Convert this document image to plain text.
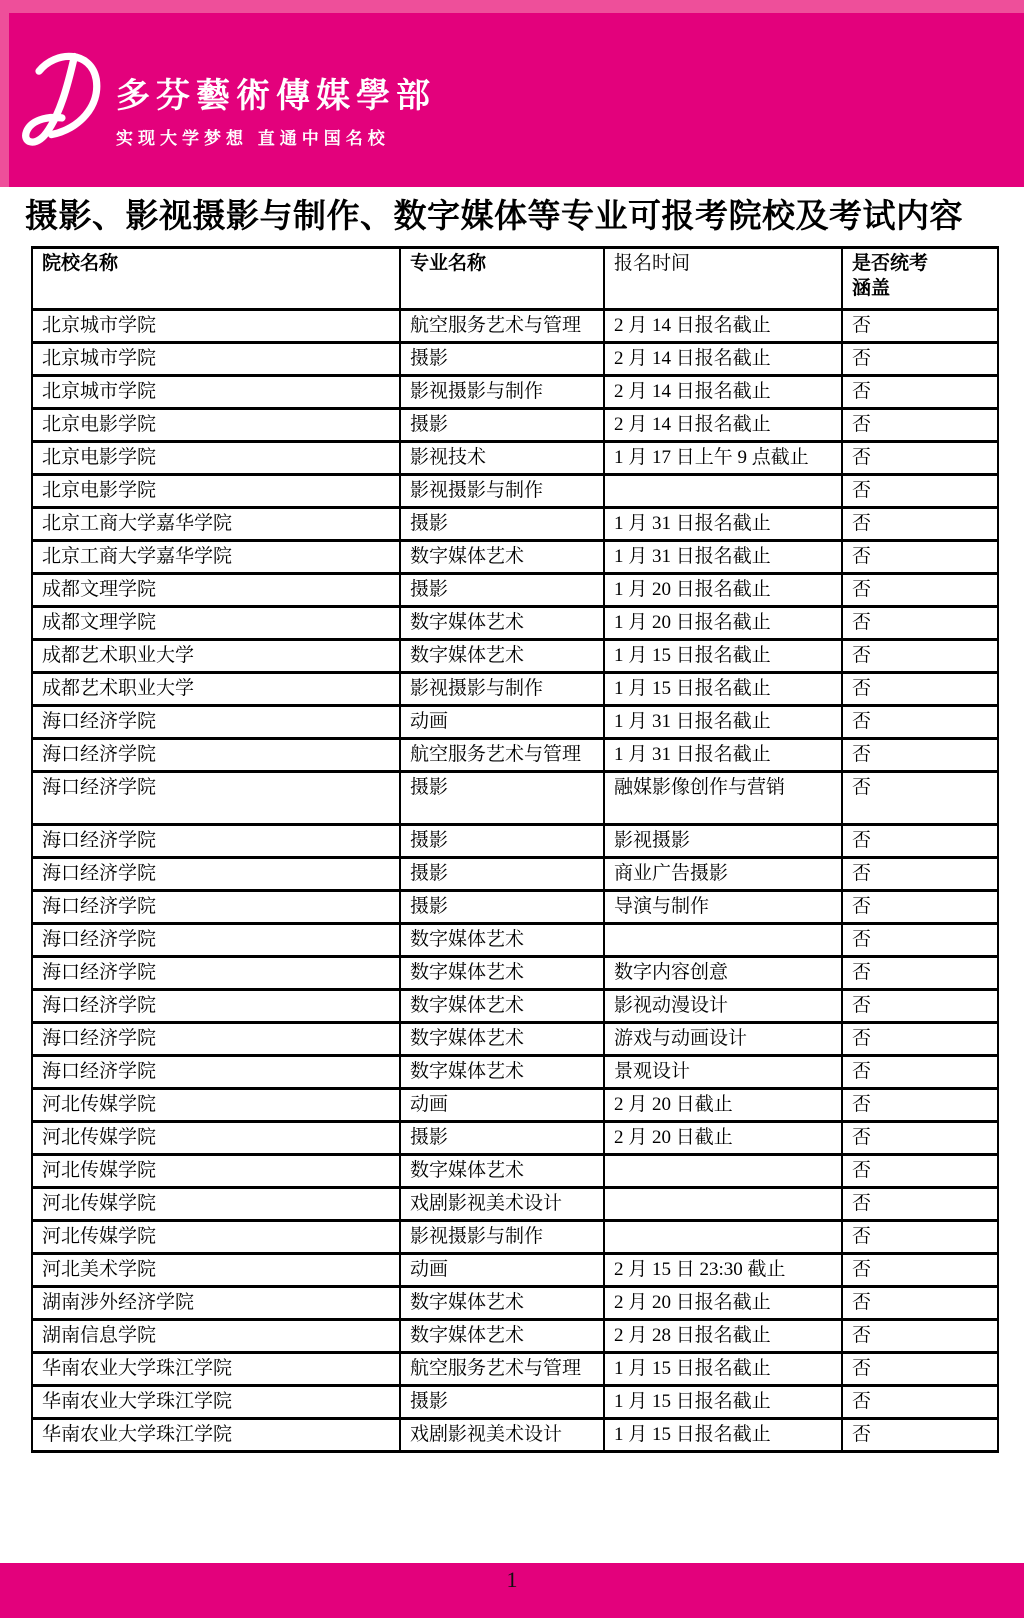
多芬藝術傳媒學部
实现大学梦想 直通中国名校
摄影、影视摄影与制作、数字媒体等专业可报考院校及考试内容
院校名称	专业名称	报名时间	是否统考
涵盖

北京城市学院	航空服务艺术与管理	2 月 14 日报名截止	否
北京城市学院	摄影	2 月 14 日报名截止	否
北京城市学院	影视摄影与制作	2 月 14 日报名截止	否
北京电影学院	摄影	2 月 14 日报名截止	否
北京电影学院	影视技术	1 月 17 日上午 9 点截止	否
北京电影学院	影视摄影与制作		否
北京工商大学嘉华学院	摄影	1 月 31 日报名截止	否
北京工商大学嘉华学院	数字媒体艺术	1 月 31 日报名截止	否
成都文理学院	摄影	1 月 20 日报名截止	否
成都文理学院	数字媒体艺术	1 月 20 日报名截止	否
成都艺术职业大学	数字媒体艺术	1 月 15 日报名截止	否
成都艺术职业大学	影视摄影与制作	1 月 15 日报名截止	否
海口经济学院	动画	1 月 31 日报名截止	否
海口经济学院	航空服务艺术与管理	1 月 31 日报名截止	否
海口经济学院	摄影	融媒影像创作与营销	否
海口经济学院	摄影	影视摄影	否
海口经济学院	摄影	商业广告摄影	否
海口经济学院	摄影	导演与制作	否
海口经济学院	数字媒体艺术		否
海口经济学院	数字媒体艺术	数字内容创意	否
海口经济学院	数字媒体艺术	影视动漫设计	否
海口经济学院	数字媒体艺术	游戏与动画设计	否
海口经济学院	数字媒体艺术	景观设计	否
河北传媒学院	动画	2 月 20 日截止	否
河北传媒学院	摄影	2 月 20 日截止	否
河北传媒学院	数字媒体艺术		否
河北传媒学院	戏剧影视美术设计		否
河北传媒学院	影视摄影与制作		否
河北美术学院	动画	2 月 15 日 23:30 截止	否
湖南涉外经济学院	数字媒体艺术	2 月 20 日报名截止	否
湖南信息学院	数字媒体艺术	2 月 28 日报名截止	否
华南农业大学珠江学院	航空服务艺术与管理	1 月 15 日报名截止	否
华南农业大学珠江学院	摄影	1 月 15 日报名截止	否
华南农业大学珠江学院	戏剧影视美术设计	1 月 15 日报名截止	否
1
